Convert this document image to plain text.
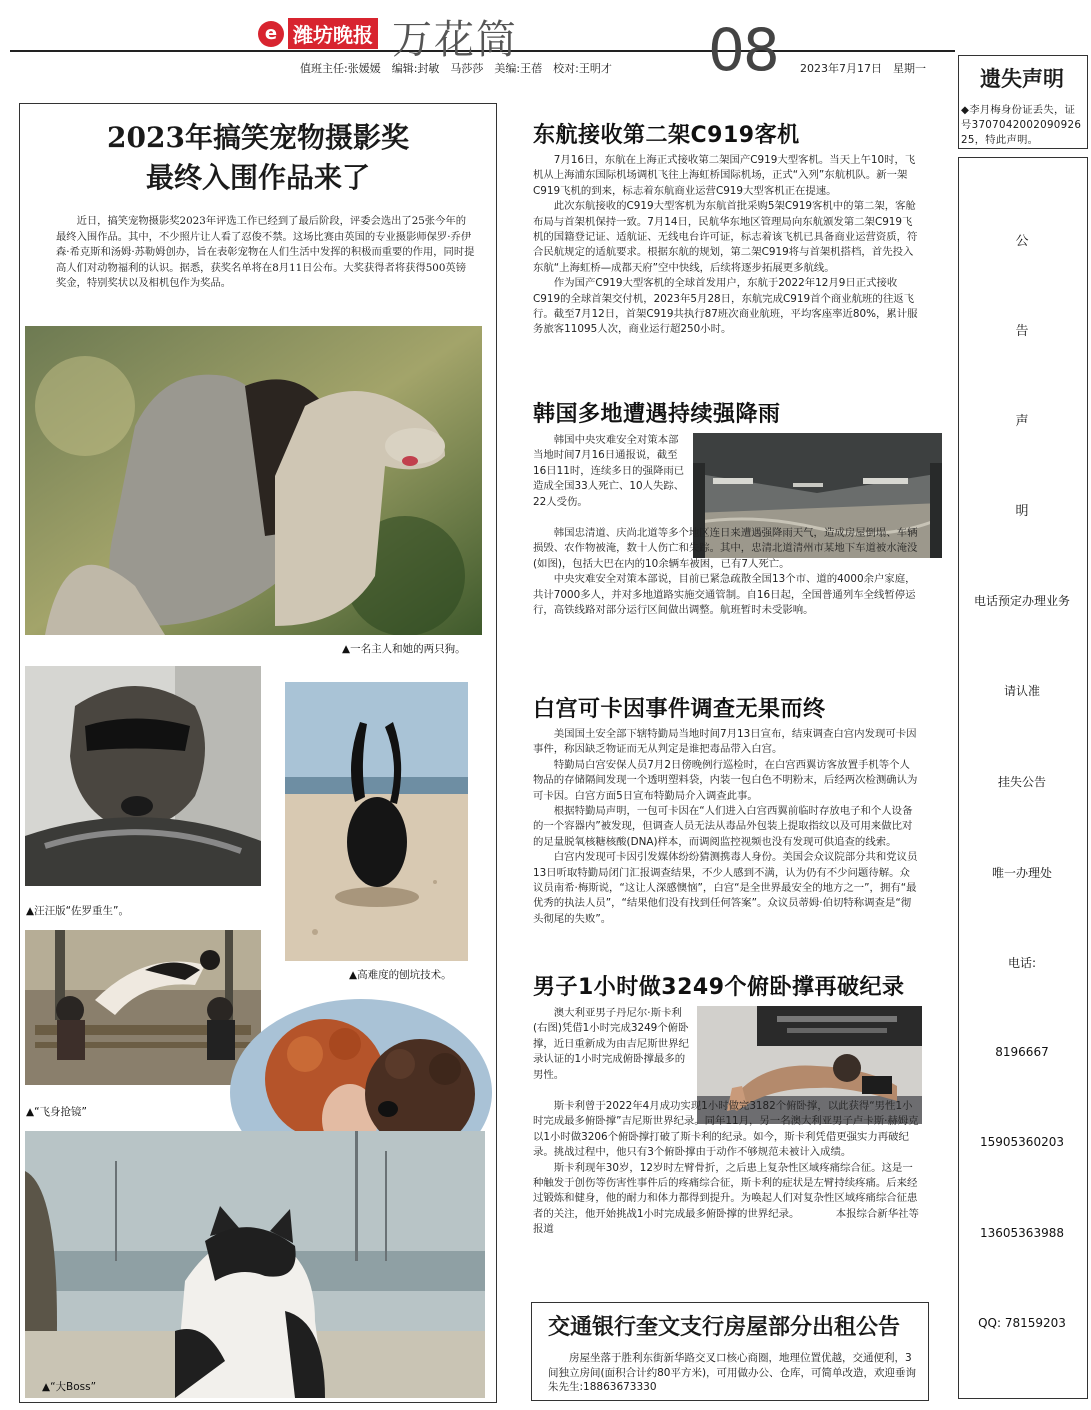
e 潍坊晚报 万花筒	08
值班主任:张媛媛　编辑:封敏　马莎莎　美编:王蓓　校对:王明才	2023年7月17日　星期一
2023年搞笑宠物摄影奖
最终入围作品来了
近日，搞笑宠物摄影奖2023年评选工作已经到了最后阶段，评委会选出了25张今年的最终入围作品。其中，不少照片让人看了忍俊不禁。这场比赛由英国的专业摄影师保罗·乔伊森·希克斯和汤姆·苏勒姆创办，旨在表彰宠物在人们生活中发挥的积极而重要的作用，同时提高人们对动物福利的认识。据悉，获奖名单将在8月11日公布。大奖获得者将获得500英镑奖金，特别奖状以及相机包作为奖品。
▲一名主人和她的两只狗。
▲汪汪版“佐罗重生”。
▲高难度的刨坑技术。
▲“飞身抢镜”
▲“大Boss”
东航接收第二架C919客机

7月16日，东航在上海正式接收第二架国产C919大型客机。当天上午10时，飞机从上海浦东国际机场调机飞往上海虹桥国际机场，正式“入列”东航机队。新一架C919飞机的到来，标志着东航商业运营C919大型客机正在提速。

此次东航接收的C919大型客机为东航首批采购5架C919客机中的第二架，客舱布局与首架机保持一致。7月14日，民航华东地区管理局向东航颁发第二架C919飞机的国籍登记证、适航证、无线电台许可证，标志着该飞机已具备商业运营资质，符合民航规定的适航要求。根据东航的规划，第二架C919将与首架机搭档，首先投入东航“上海虹桥—成都天府”空中快线，后续将逐步拓展更多航线。

作为国产C919大型客机的全球首发用户，东航于2022年12月9日正式接收C919的全球首架交付机，2023年5月28日，东航完成C919首个商业航班的往返飞行。截至7月12日，首架C919共执行87班次商业航班，平均客座率近80%，累计服务旅客11095人次，商业运行超250小时。

韩国多地遭遇持续强降雨

韩国中央灾难安全对策本部当地时间7月16日通报说，截至16日11时，连续多日的强降雨已造成全国33人死亡、10人失踪、22人受伤。

韩国忠清道、庆尚北道等多个地区连日来遭遇强降雨天气，造成房屋倒塌、车辆损毁、农作物被淹，数十人伤亡和失踪。其中，忠清北道清州市某地下车道被水淹没(如图)，包括大巴在内的10余辆车被困，已有7人死亡。

中央灾难安全对策本部说，目前已紧急疏散全国13个市、道的4000余户家庭，共计7000多人，并对多地道路实施交通管制。自16日起，全国普通列车全线暂停运行，高铁线路对部分运行区间做出调整。航班暂时未受影响。

白宫可卡因事件调查无果而终

美国国土安全部下辖特勤局当地时间7月13日宣布，结束调查白宫内发现可卡因事件，称因缺乏物证而无从判定是谁把毒品带入白宫。

特勤局白宫安保人员7月2日傍晚例行巡检时，在白宫西翼访客放置手机等个人物品的存储隔间发现一个透明塑料袋，内装一包白色不明粉末，后经两次检测确认为可卡因。白宫方面5日宣布特勤局介入调查此事。

根据特勤局声明，一包可卡因在“人们进入白宫西翼前临时存放电子和个人设备的一个容器内”被发现，但调查人员无法从毒品外包装上提取指纹以及可用来做比对的足量脱氧核糖核酸(DNA)样本，而调阅监控视频也没有发现可供追查的线索。

白宫内发现可卡因引发媒体纷纷猜测携毒人身份。美国会众议院部分共和党议员13日听取特勤局闭门汇报调查结果，不少人感到不满，认为仍有不少问题待解。众议员南希·梅斯说，“这让人深感懊恼”，白宫“是全世界最安全的地方之一”，拥有“最优秀的执法人员”，“结果他们没有找到任何答案”。众议员蒂姆·伯切特称调查是“彻头彻尾的失败”。

男子1小时做3249个俯卧撑再破纪录

澳大利亚男子丹尼尔·斯卡利(右图)凭借1小时完成3249个俯卧撑，近日重新成为由吉尼斯世界纪录认证的1小时完成俯卧撑最多的男性。

斯卡利曾于2022年4月成功实现1小时做完3182个俯卧撑，以此获得“男性1小时完成最多俯卧撑”吉尼斯世界纪录。同年11月，另一名澳大利亚男子卢卡斯·赫姆克以1小时做3206个俯卧撑打破了斯卡利的纪录。如今，斯卡利凭借更强实力再破纪录。挑战过程中，他只有3个俯卧撑由于动作不够规范未被计入成绩。

斯卡利现年30岁，12岁时左臂骨折，之后患上复杂性区域疼痛综合征。这是一种触发于创伤等伤害性事件后的疼痛综合征，斯卡利的症状是左臂持续疼痛。后来经过锻炼和健身，他的耐力和体力都得到提升。为唤起人们对复杂性区域疼痛综合征患者的关注，他开始挑战1小时完成最多俯卧撑的世界纪录。　　　　本报综合新华社等报道

交通银行奎文支行房屋部分出租公告
房屋坐落于胜利东街新华路交叉口核心商圈，地理位置优越，交通便利，3间独立房间(面积合计约80平方米)，可用做办公、仓库，可简单改造，欢迎垂询朱先生:18863673330
遗失声明
◆李月梅身份证丢失，证号370704200209092625，特此声明。
公
告
声
明
电话预定办理业务
请认准
挂失公告
唯一办理处
电话:
8196667
15905360203
13605363988
QQ: 78159203
